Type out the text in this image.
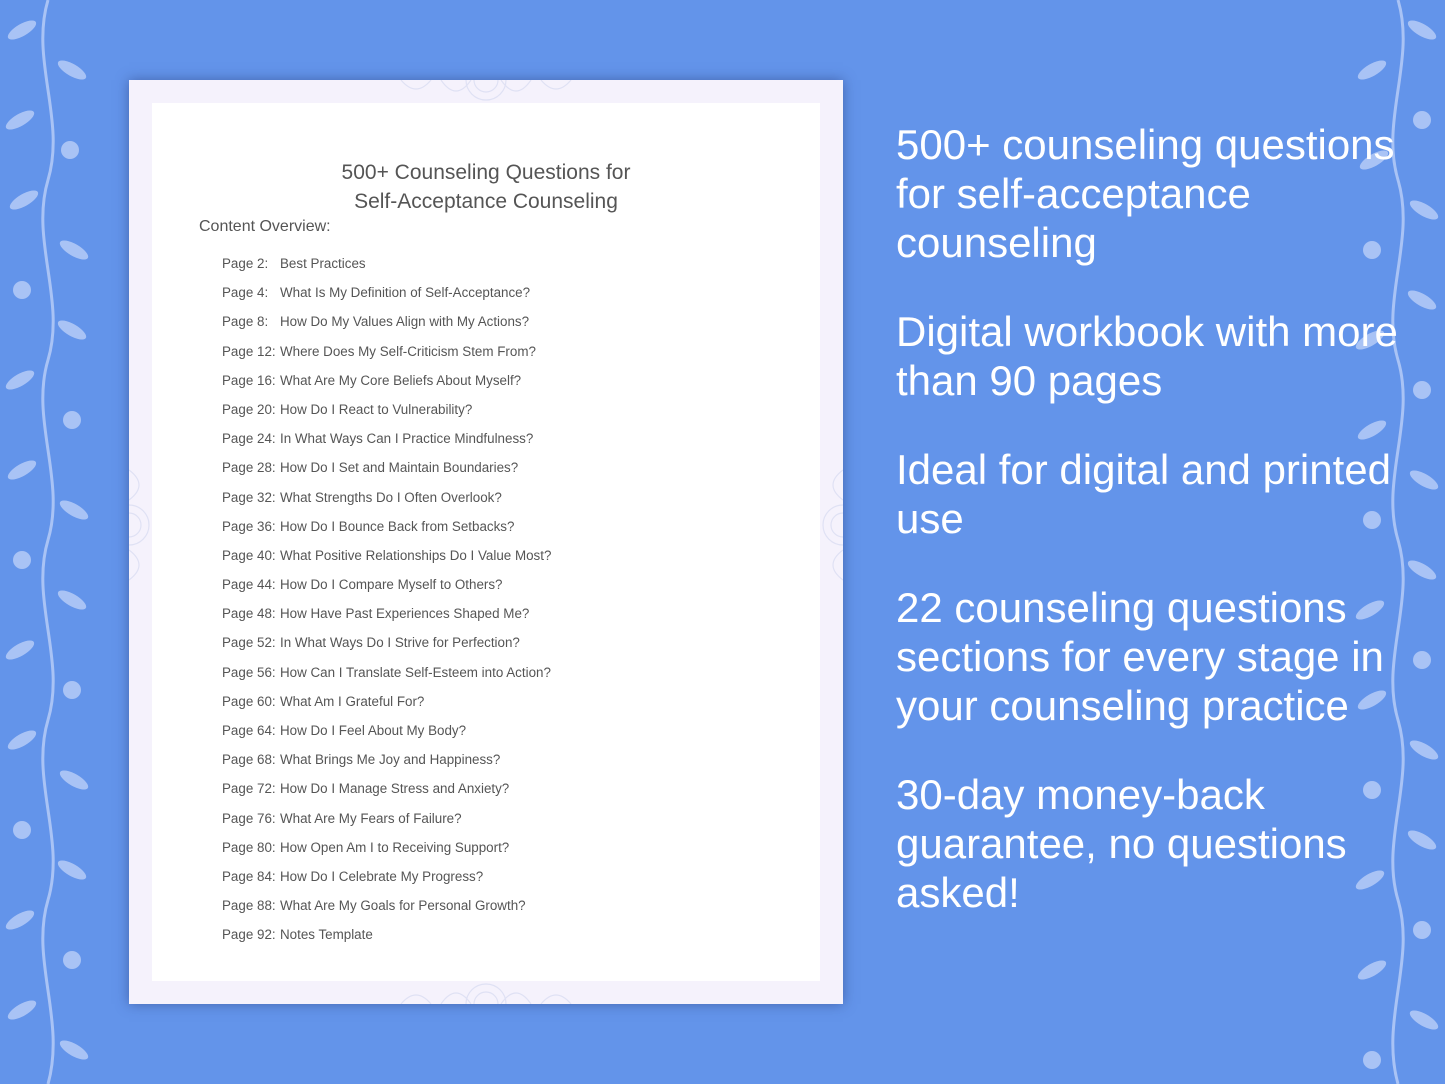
500+ Counseling Questions for
Self-Acceptance Counseling
Content Overview:
Page 2: Best Practices
Page 4: What Is My Definition of Self-Acceptance?
Page 8: How Do My Values Align with My Actions?
Page 12: Where Does My Self-Criticism Stem From?
Page 16: What Are My Core Beliefs About Myself?
Page 20: How Do I React to Vulnerability?
Page 24: In What Ways Can I Practice Mindfulness?
Page 28: How Do I Set and Maintain Boundaries?
Page 32: What Strengths Do I Often Overlook?
Page 36: How Do I Bounce Back from Setbacks?
Page 40: What Positive Relationships Do I Value Most?
Page 44: How Do I Compare Myself to Others?
Page 48: How Have Past Experiences Shaped Me?
Page 52: In What Ways Do I Strive for Perfection?
Page 56: How Can I Translate Self-Esteem into Action?
Page 60: What Am I Grateful For?
Page 64: How Do I Feel About My Body?
Page 68: What Brings Me Joy and Happiness?
Page 72: How Do I Manage Stress and Anxiety?
Page 76: What Are My Fears of Failure?
Page 80: How Open Am I to Receiving Support?
Page 84: How Do I Celebrate My Progress?
Page 88: What Are My Goals for Personal Growth?
Page 92: Notes Template
500+ counseling questions for self-acceptance counseling
Digital workbook with more than 90 pages
Ideal for digital and printed use
22 counseling questions sections for every stage in your counseling practice
30-day money-back guarantee, no questions asked!
